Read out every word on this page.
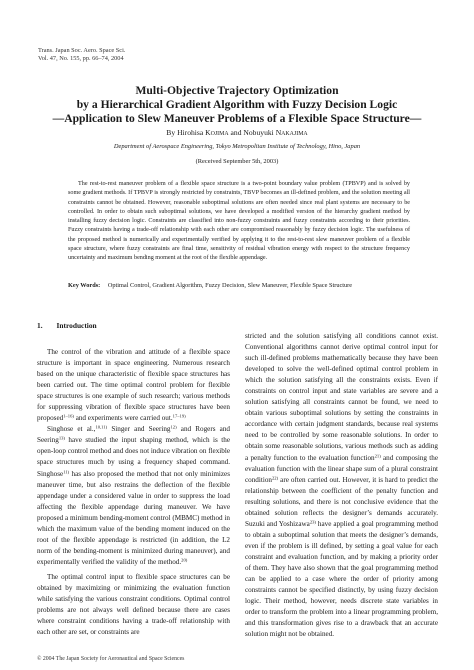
Trans. Japan Soc. Aero. Space Sci.
Vol. 47, No. 155, pp. 66–74, 2004
Multi-Objective Trajectory Optimization
by a Hierarchical Gradient Algorithm with Fuzzy Decision Logic
—Application to Slew Maneuver Problems of a Flexible Space Structure—
By Hirohisa KOJIMA and Nobuyuki NAKAJIMA
Department of Aerospace Engineering, Tokyo Metropolitan Institute of Technology, Hino, Japan
(Received September 5th, 2003)
The rest-to-rest maneuver problem of a flexible space structure is a two-point boundary value problem (TPBVP) and is solved by some gradient methods. If TPBVP is strongly restricted by constraints, TBVP becomes an ill-defined problem, and the solution meeting all constraints cannot be obtained. However, reasonable suboptimal solutions are often needed since real plant systems are necessary to be controlled. In order to obtain such suboptimal solutions, we have developed a modified version of the hierarchy gradient method by installing fuzzy decision logic. Constraints are classified into non-fuzzy constraints and fuzzy constraints according to their priorities. Fuzzy constraints having a trade-off relationship with each other are compromised reasonably by fuzzy decision logic. The usefulness of the proposed method is numerically and experimentally verified by applying it to the rest-to-rest slew maneuver problem of a flexible space structure, where fuzzy constraints are final time, sensitivity of residual vibration energy with respect to the structure frequency uncertainty and maximum bending moment at the root of the flexible appendage.
Key Words: Optimal Control, Gradient Algorithm, Fuzzy Decision, Slew Maneuver, Flexible Space Structure
1. Introduction

The control of the vibration and attitude of a flexible space structure is important in space engineering. Numerous research based on the unique characteristic of flexible space structures has been carried out. The time optimal control problem for flexible space structures is one example of such research; various methods for suppressing vibration of flexible space structures have been proposed$^{1-16)}$ and experiments were carried out.$^{17-19)}$

Singhose et al.,$^{10,11)}$ Singer and Seering$^{12)}$ and Rogers and Seering$^{13)}$ have studied the input shaping method, which is the open-loop control method and does not induce vibration on flexible space structures much by using a frequency shaped command. Singhose$^{11)}$ has also proposed the method that not only minimizes maneuver time, but also restrains the deflection of the flexible appendage under a considered value in order to suppress the load affecting the flexible appendage during maneuver. We have proposed a minimum bending-moment control (MBMC) method in which the maximum value of the bending moment induced on the root of the flexible appendage is restricted (in addition, the L2 norm of the bending-moment is minimized during maneuver), and experimentally verified the validity of the method.$^{20)}$

The optimal control input to flexible space structures can be obtained by maximizing or minimizing the evaluation function while satisfying the various constraint conditions. Optimal control problems are not always well defined because there are cases where constraint conditions having a trade-off relationship with each other are set, or constraints are

stricted and the solution satisfying all conditions cannot exist. Conventional algorithms cannot derive optimal control input for such ill-defined problems mathematically because they have been developed to solve the well-defined optimal control problem in which the solution satisfying all the constraints exists. Even if constraints on control input and state variables are severe and a solution satisfying all constraints cannot be found, we need to obtain various suboptimal solutions by setting the constraints in accordance with certain judgment standards, because real systems need to be controlled by some reasonable solutions. In order to obtain some reasonable solutions, various methods such as adding a penalty function to the evaluation function$^{21)}$ and composing the evaluation function with the linear shape sum of a plural constraint condition$^{22)}$ are often carried out. However, it is hard to predict the relationship between the coefficient of the penalty function and resulting solutions, and there is not conclusive evidence that the obtained solution reflects the designer’s demands accurately. Suzuki and Yoshizawa$^{23)}$ have applied a goal programming method to obtain a suboptimal solution that meets the designer’s demands, even if the problem is ill defined, by setting a goal value for each constraint and evaluation function, and by making a priority order of them. They have also shown that the goal programming method can be applied to a case where the order of priority among constraints cannot be specified distinctly, by using fuzzy decision logic. Their method, however, needs discrete state variables in order to transform the problem into a linear programming problem, and this transformation gives rise to a drawback that an accurate solution might not be obtained.

© 2004 The Japan Society for Aeronautical and Space Sciences
